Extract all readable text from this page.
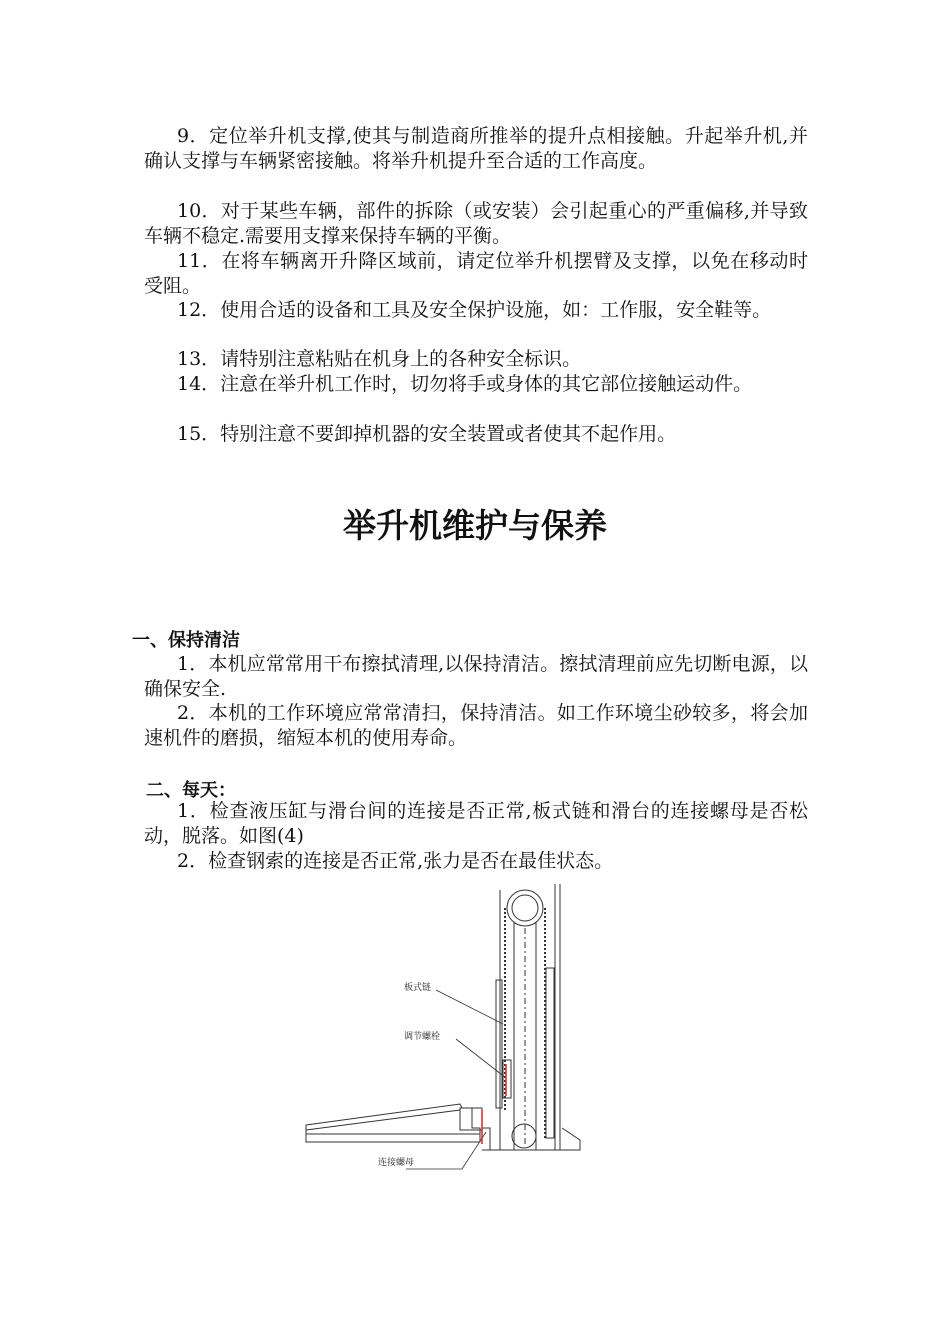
9．定位举升机支撑,使其与制造商所推举的提升点相接触。升起举升机,并确认支撑与车辆紧密接触。将举升机提升至合适的工作高度。

10．对于某些车辆，部件的拆除（或安装）会引起重心的严重偏移,并导致车辆不稳定.需要用支撑来保持车辆的平衡。

11．在将车辆离开升降区域前，请定位举升机摆臂及支撑，以免在移动时受阻。

12．使用合适的设备和工具及安全保护设施，如：工作服，安全鞋等。

13．请特别注意粘贴在机身上的各种安全标识。

14．注意在举升机工作时，切勿将手或身体的其它部位接触运动件。

15．特别注意不要卸掉机器的安全装置或者使其不起作用。

举升机维护与保养
一、保持清洁

1．本机应常常用干布擦拭清理,以保持清洁。擦拭清理前应先切断电源，以确保安全.

2．本机的工作环境应常常清扫，保持清洁。如工作环境尘砂较多，将会加速机件的磨损，缩短本机的使用寿命。

二、每天：

1．检查液压缸与滑台间的连接是否正常,板式链和滑台的连接螺母是否松动，脱落。如图(4)

2．检查钢索的连接是否正常,张力是否在最佳状态。

板式链
调节螺栓
连接螺母
